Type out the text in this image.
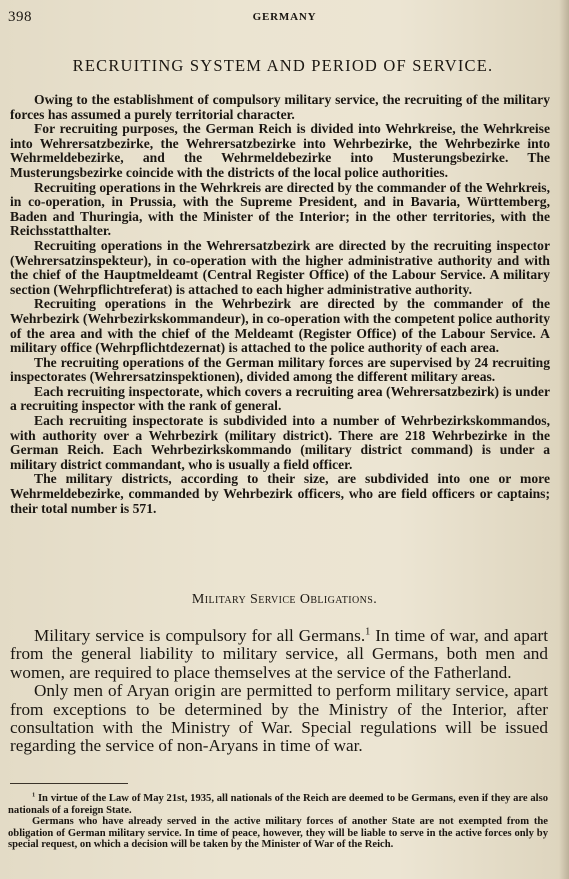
398	GERMANY
RECRUITING SYSTEM AND PERIOD OF SERVICE.

Owing to the establishment of compulsory military service, the recruiting of the military forces has assumed a purely territorial character.

For recruiting purposes, the German Reich is divided into Wehrkreise, the Wehrkreise into Wehrersatzbezirke, the Wehrersatzbezirke into Wehrbezirke, the Wehrbezirke into Wehrmeldebezirke, and the Wehrmeldebezirke into Musterungsbezirke. The Musterungsbezirke coincide with the districts of the local police authorities.

Recruiting operations in the Wehrkreis are directed by the commander of the Wehrkreis, in co-operation, in Prussia, with the Supreme President, and in Bavaria, Württemberg, Baden and Thuringia, with the Minister of the Interior; in the other territories, with the Reichsstatthalter.

Recruiting operations in the Wehrersatzbezirk are directed by the recruiting inspector (Wehrersatzinspekteur), in co-operation with the higher administrative authority and with the chief of the Hauptmeldeamt (Central Register Office) of the Labour Service. A military section (Wehrpflichtreferat) is attached to each higher administrative authority.

Recruiting operations in the Wehrbezirk are directed by the commander of the Wehrbezirk (Wehrbezirkskommandeur), in co-operation with the competent police authority of the area and with the chief of the Meldeamt (Register Office) of the Labour Service. A military office (Wehrpflichtdezernat) is attached to the police authority of each area.

The recruiting operations of the German military forces are supervised by 24 recruiting inspectorates (Wehrersatzinspektionen), divided among the different military areas.

Each recruiting inspectorate, which covers a recruiting area (Wehrersatzbezirk) is under a recruiting inspector with the rank of general.

Each recruiting inspectorate is subdivided into a number of Wehrbezirkskommandos, with authority over a Wehrbezirk (military district). There are 218 Wehrbezirke in the German Reich. Each Wehrbezirkskommando (military district command) is under a military district commandant, who is usually a field officer.

The military districts, according to their size, are subdivided into one or more Wehrmeldebezirke, commanded by Wehrbezirk officers, who are field officers or captains; their total number is 571.

Military Service Obligations.

Military service is compulsory for all Germans.$^1$ In time of war, and apart from the general liability to military service, all Germans, both men and women, are required to place themselves at the service of the Fatherland.

Only men of Aryan origin are permitted to perform military service, apart from exceptions to be determined by the Ministry of the Interior, after consultation with the Ministry of War. Special regulations will be issued regarding the service of non-Aryans in time of war.

$^1$ In virtue of the Law of May 21st, 1935, all nationals of the Reich are deemed to be Germans, even if they are also nationals of a foreign State.

Germans who have already served in the active military forces of another State are not exempted from the obligation of German military service. In time of peace, however, they will be liable to serve in the active forces only by special request, on which a decision will be taken by the Minister of War of the Reich.
